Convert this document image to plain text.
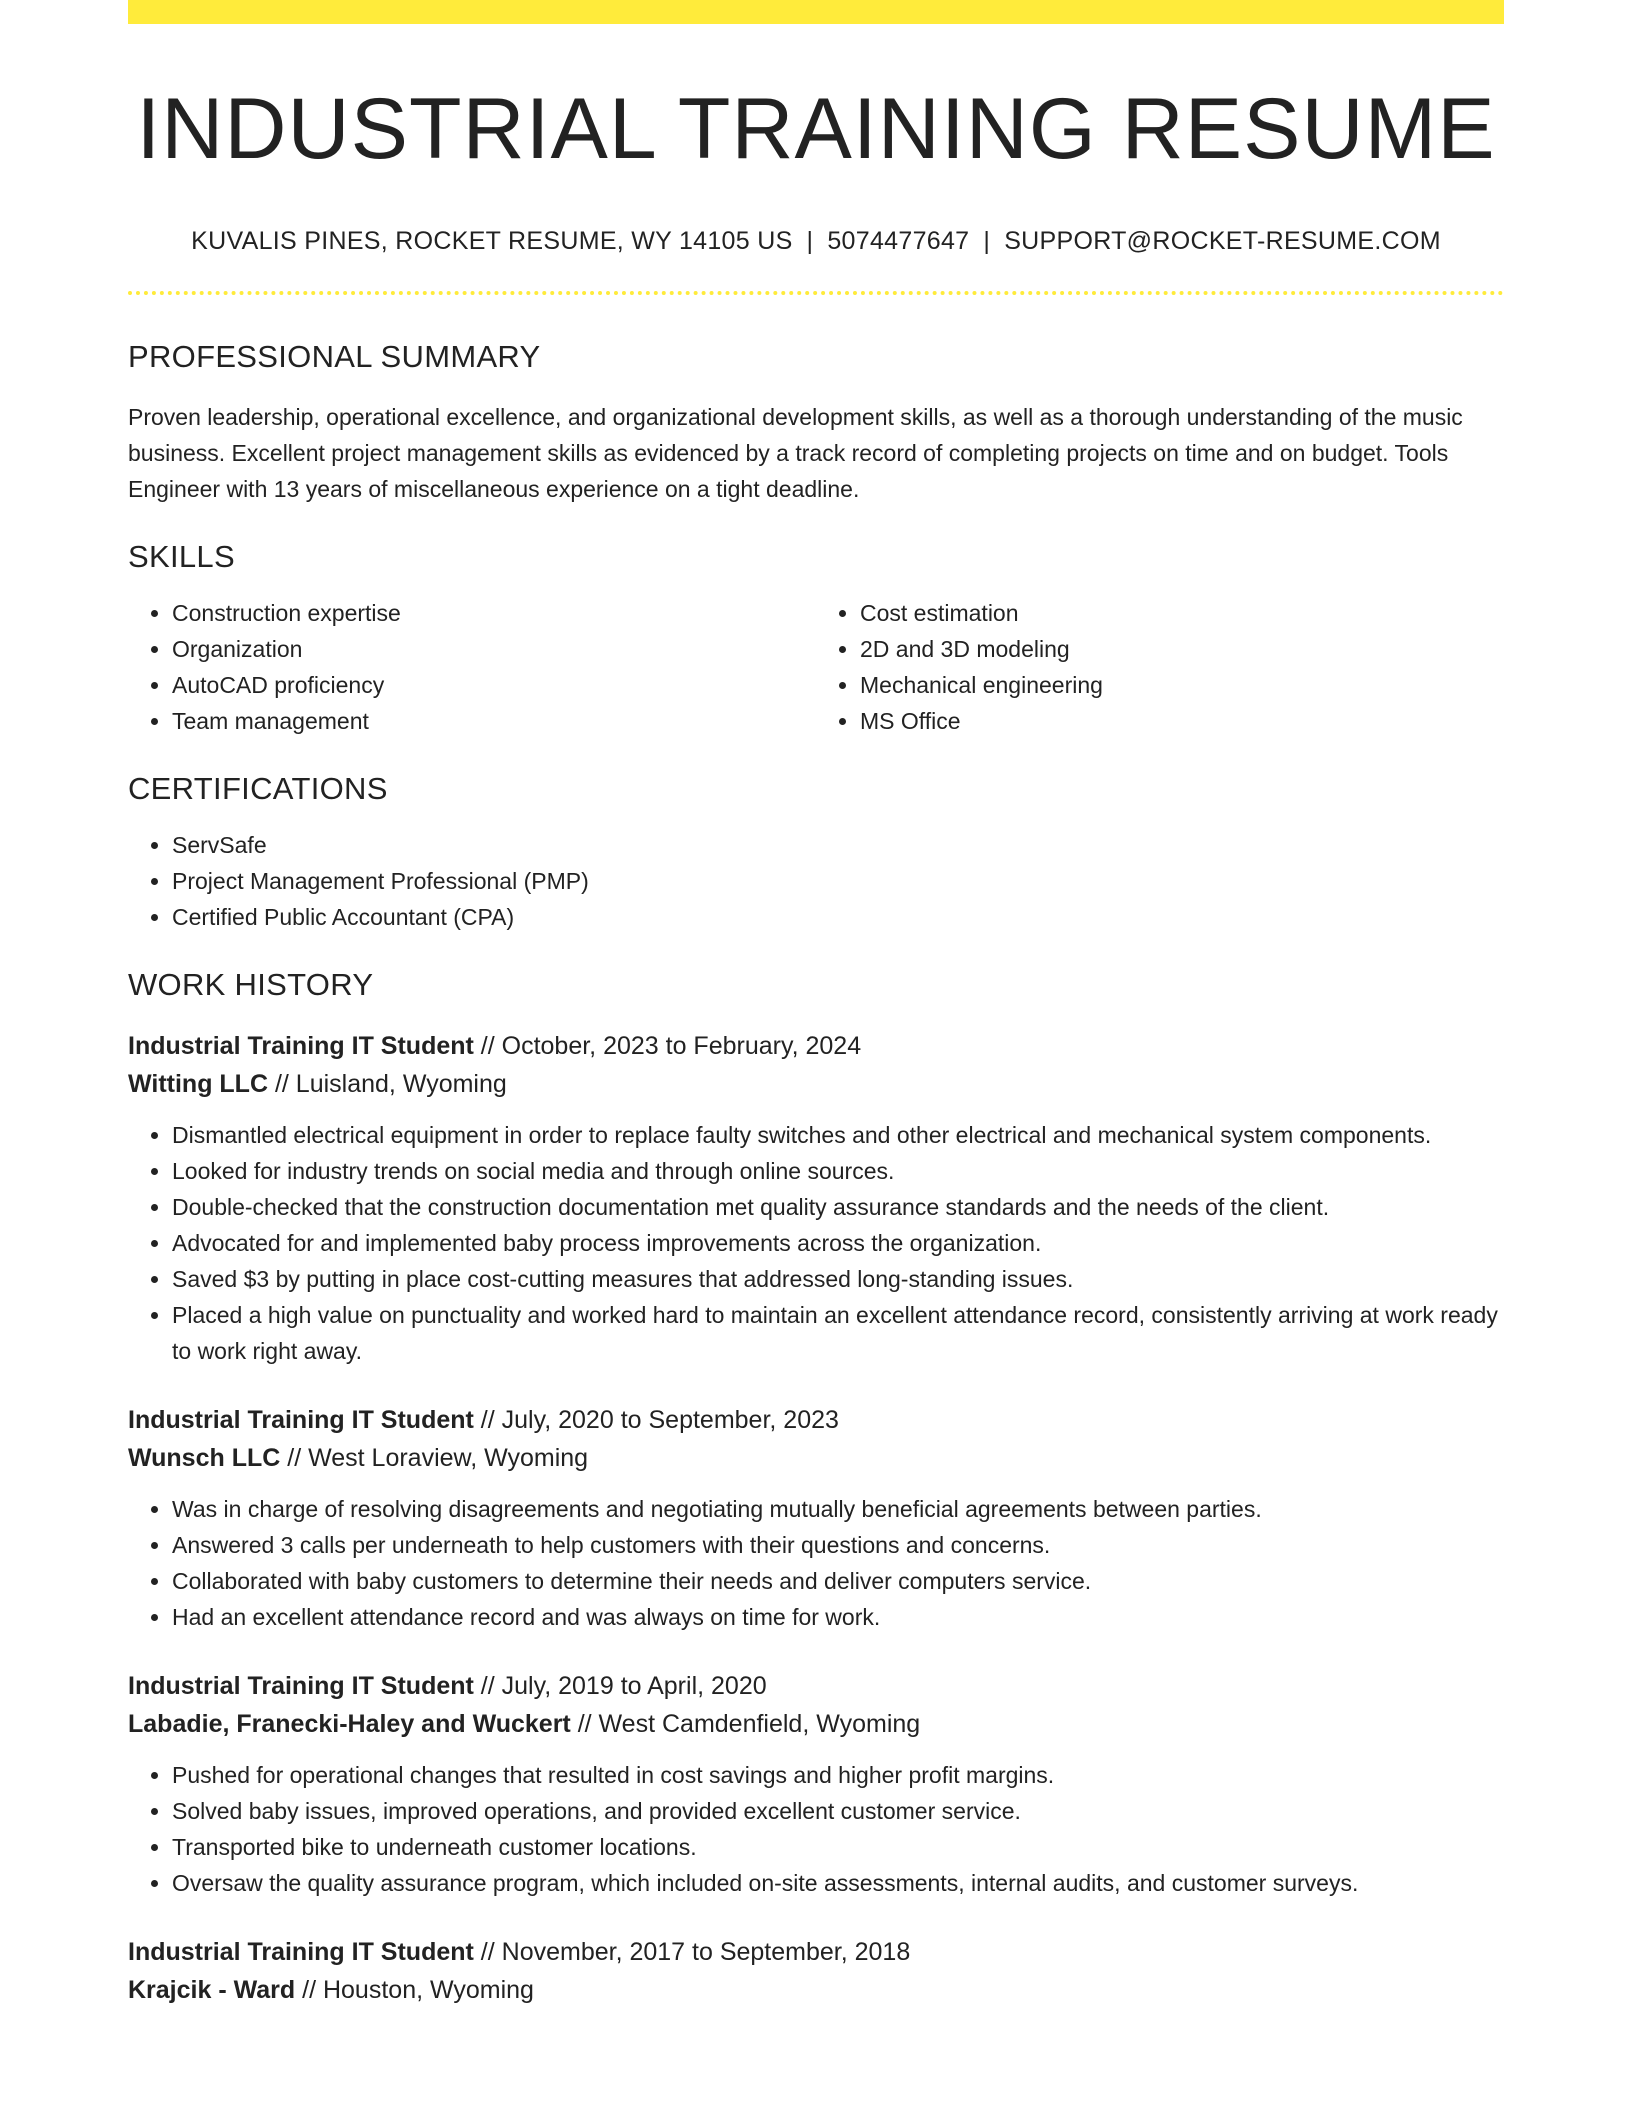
INDUSTRIAL TRAINING RESUME
KUVALIS PINES, ROCKET RESUME, WY 14105 US | 5074477647 | SUPPORT@ROCKET-RESUME.COM
PROFESSIONAL SUMMARY

Proven leadership, operational excellence, and organizational development skills, as well as a thorough understanding of the music business. Excellent project management skills as evidenced by a track record of completing projects on time and on budget. Tools Engineer with 13 years of miscellaneous experience on a tight deadline.

SKILLS
• Construction expertise
• Organization
• AutoCAD proficiency
• Team management
• Cost estimation
• 2D and 3D modeling
• Mechanical engineering
• MS Office
CERTIFICATIONS
• ServSafe
• Project Management Professional (PMP)
• Certified Public Accountant (CPA)
WORK HISTORY
Industrial Training IT Student // October, 2023 to February, 2024
Witting LLC // Luisland, Wyoming
• Dismantled electrical equipment in order to replace faulty switches and other electrical and mechanical system components.
• Looked for industry trends on social media and through online sources.
• Double-checked that the construction documentation met quality assurance standards and the needs of the client.
• Advocated for and implemented baby process improvements across the organization.
• Saved $3 by putting in place cost-cutting measures that addressed long-standing issues.
• Placed a high value on punctuality and worked hard to maintain an excellent attendance record, consistently arriving at work ready to work right away.
Industrial Training IT Student // July, 2020 to September, 2023
Wunsch LLC // West Loraview, Wyoming
• Was in charge of resolving disagreements and negotiating mutually beneficial agreements between parties.
• Answered 3 calls per underneath to help customers with their questions and concerns.
• Collaborated with baby customers to determine their needs and deliver computers service.
• Had an excellent attendance record and was always on time for work.
Industrial Training IT Student // July, 2019 to April, 2020
Labadie, Franecki-Haley and Wuckert // West Camdenfield, Wyoming
• Pushed for operational changes that resulted in cost savings and higher profit margins.
• Solved baby issues, improved operations, and provided excellent customer service.
• Transported bike to underneath customer locations.
• Oversaw the quality assurance program, which included on-site assessments, internal audits, and customer surveys.
Industrial Training IT Student // November, 2017 to September, 2018
Krajcik - Ward // Houston, Wyoming
